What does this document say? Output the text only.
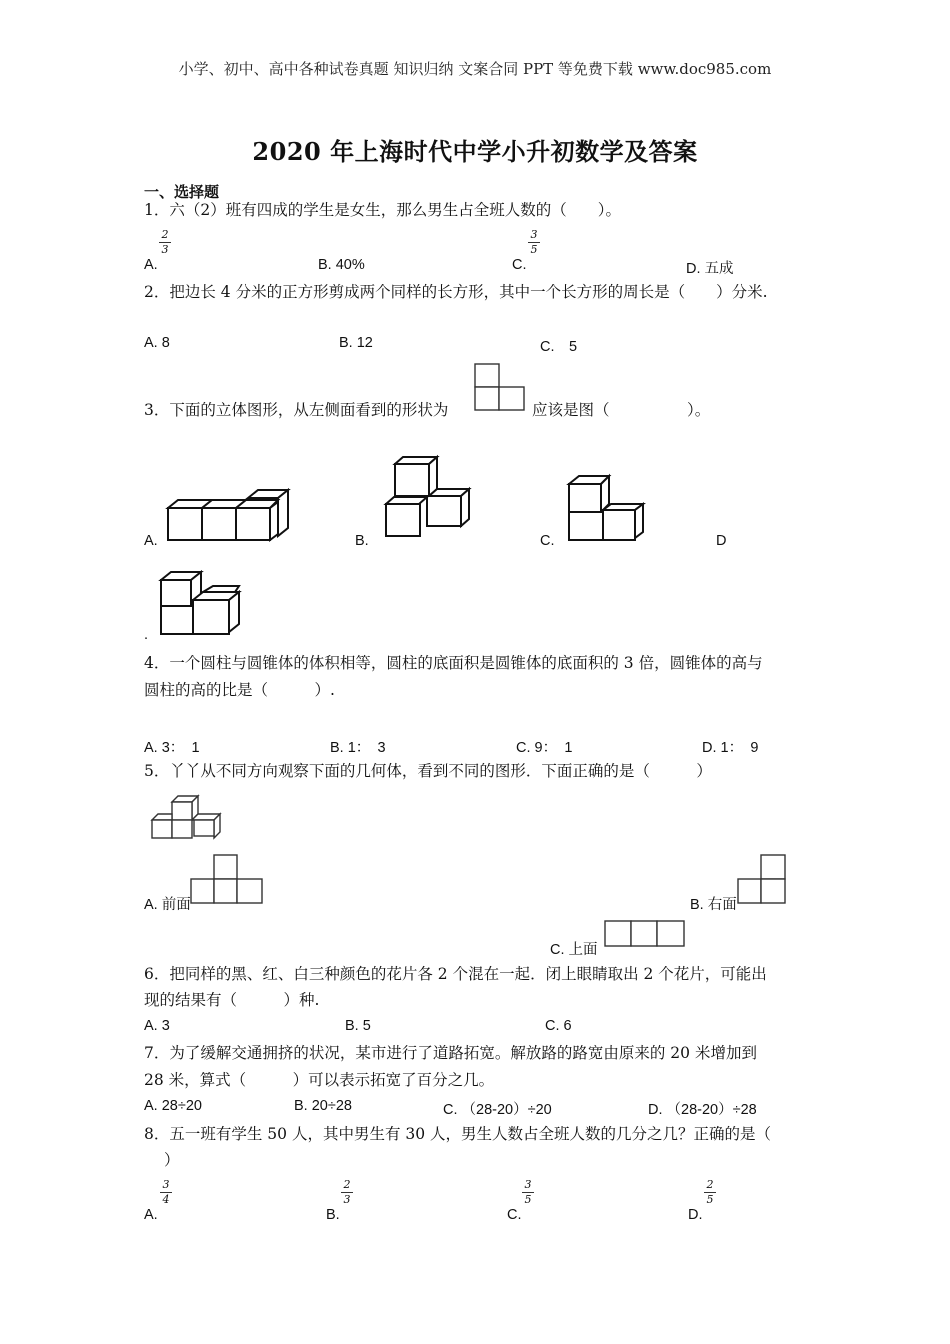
小学、初中、高中各种试卷真题 知识归纳 文案合同 PPT 等免费下载 www.doc985.com
2020 年上海时代中学小升初数学及答案
一、选择题
1．六（2）班有四成的学生是女生，那么男生占全班人数的（　　）。
A.
2
3
B. 40%	C.
3
5
D. 五成
2．把边长 4 分米的正方形剪成两个同样的长方形，其中一个长方形的周长是（　　）分米.
A. 8	B. 12	C.　5
3．下面的立体图形，从左侧面看到的形状为	应该是图（　　　　　）。
A.	B.	C.	D
.
4．一个圆柱与圆锥体的体积相等，圆柱的底面积是圆锥体的底面积的 3 倍，圆锥体的高与
圆柱的高的比是（　　　）.
A. 3：　1	B. 1：　3	C. 9：　1	D. 1：　9
5．丫丫从不同方向观察下面的几何体，看到不同的图形．下面正确的是（　　　）
A. 前面	B. 右面
C. 上面
6．把同样的黑、红、白三种颜色的花片各 2 个混在一起．闭上眼睛取出 2 个花片，可能出
现的结果有（　　　）种.
A. 3	B. 5	C. 6
7．为了缓解交通拥挤的状况，某市进行了道路拓宽。解放路的路宽由原来的 20 米增加到
28 米，算式（　　　）可以表示拓宽了百分之几。
A. 28÷20	B. 20÷28	C. （28-20）÷20	D. （28-20）÷28
8．五一班有学生 50 人，其中男生有 30 人，男生人数占全班人数的几分之几？正确的是（
）
A.
3
4
B.
2
3
C.
3
5
D.
2
5
